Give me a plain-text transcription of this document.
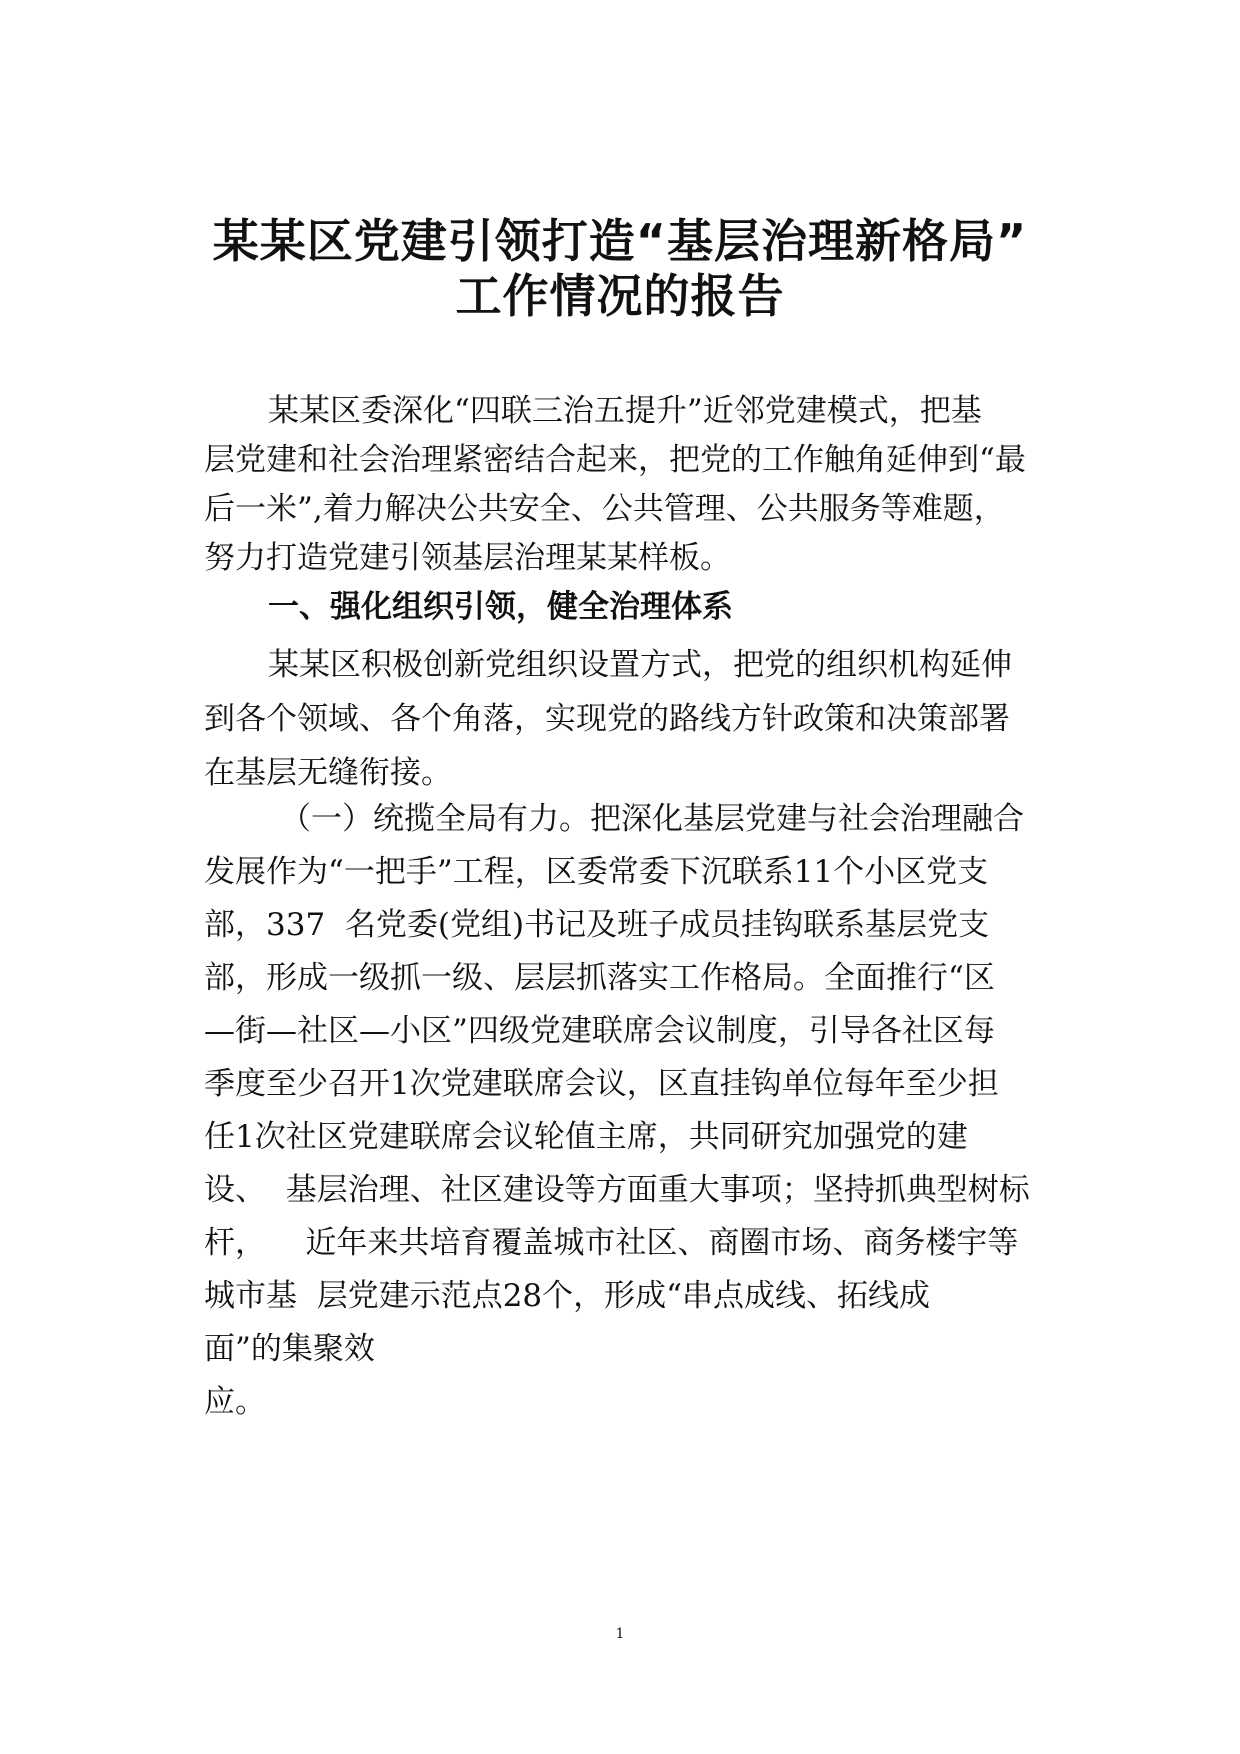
某某区党建引领打造“基层治理新格局”
工作情况的报告
某某区委深化“四联三治五提升”近邻党建模式，把基
层党建和社会治理紧密结合起来，把党的工作触角延伸到“最
后一米”,着力解决公共安全、公共管理、公共服务等难题，
努力打造党建引领基层治理某某样板。
一、强化组织引领，健全治理体系
某某区积极创新党组织设置方式，把党的组织机构延伸
到各个领域、各个角落，实现党的路线方针政策和决策部署
在基层无缝衔接。
（一）统揽全局有力。把深化基层党建与社会治理融合
发展作为“一把手”工程，区委常委下沉联系11个小区党支
部，337  名党委(党组)书记及班子成员挂钩联系基层党支
部，形成一级抓一级、层层抓落实工作格局。全面推行“区
—街—社区—小区”四级党建联席会议制度，引导各社区每
季度至少召开1次党建联席会议，区直挂钩单位每年至少担
任1次社区党建联席会议轮值主席，共同研究加强党的建
设、  基层治理、社区建设等方面重大事项；坚持抓典型树标
杆，    近年来共培育覆盖城市社区、商圈市场、商务楼宇等
城市基  层党建示范点28个，形成“串点成线、拓线成
面”的集聚效
应。
1
